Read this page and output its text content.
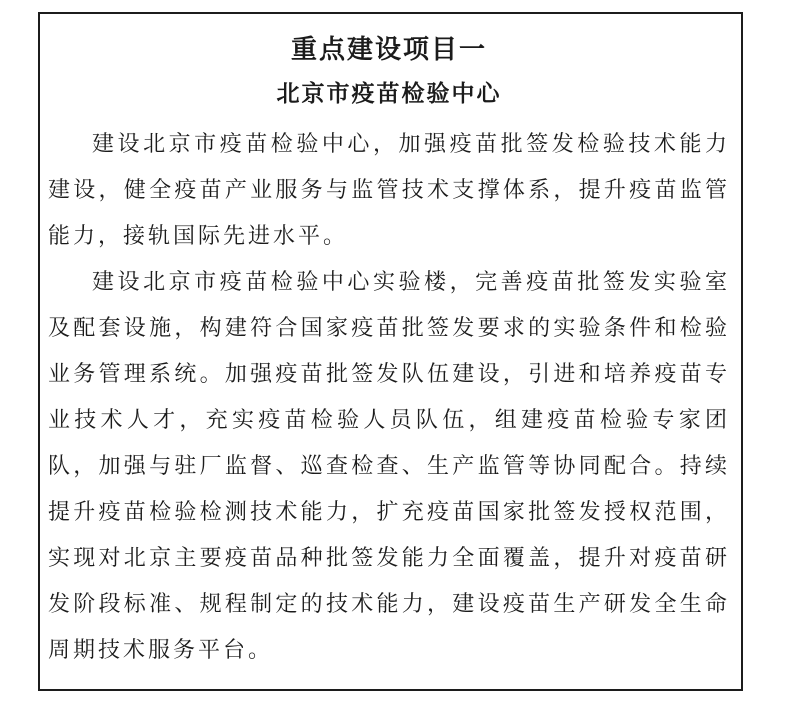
重点建设项目一
北京市疫苗检验中心

建设北京市疫苗检验中心，加强疫苗批签发检验技术能力建设，健全疫苗产业服务与监管技术支撑体系，提升疫苗监管能力，接轨国际先进水平。

建设北京市疫苗检验中心实验楼，完善疫苗批签发实验室及配套设施，构建符合国家疫苗批签发要求的实验条件和检验业务管理系统。加强疫苗批签发队伍建设，引进和培养疫苗专业技术人才，充实疫苗检验人员队伍，组建疫苗检验专家团队，加强与驻厂监督、巡查检查、生产监管等协同配合。持续提升疫苗检验检测技术能力，扩充疫苗国家批签发授权范围，实现对北京主要疫苗品种批签发能力全面覆盖，提升对疫苗研发阶段标准、规程制定的技术能力，建设疫苗生产研发全生命周期技术服务平台。
